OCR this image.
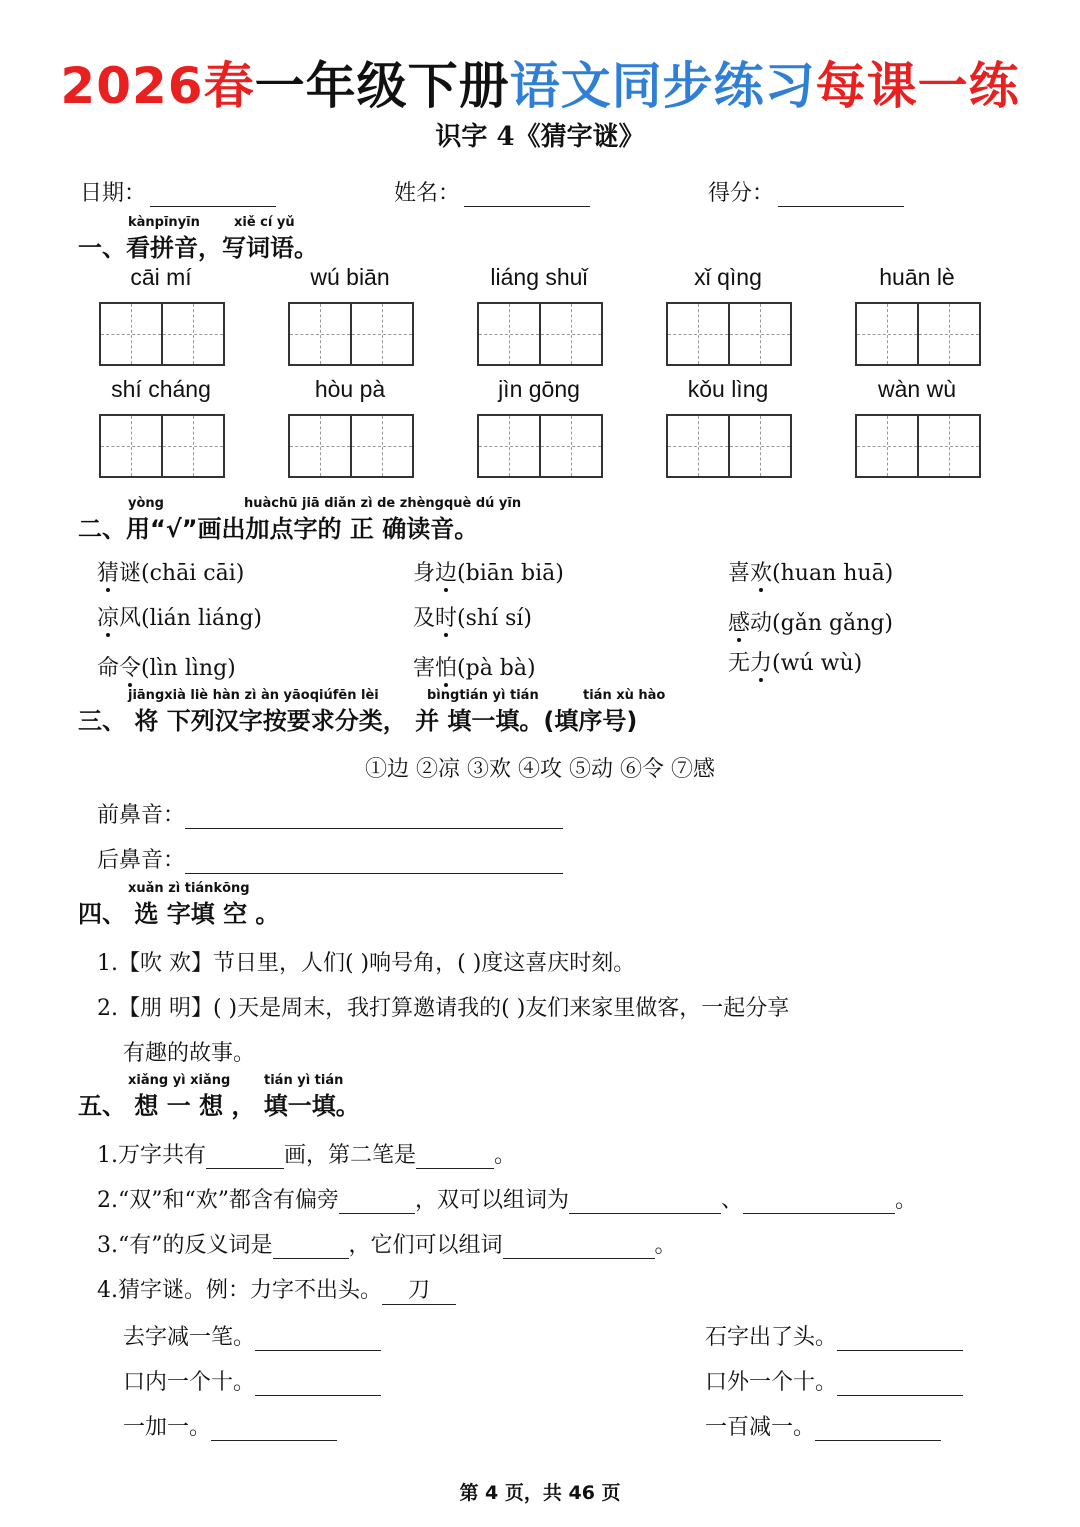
2026春一年级下册语文同步练习每课一练
识字 4《猜字谜》
日期：	姓名：	得分：
kànpīnyīn	xiě cí yǔ
一、看拼音，写词语。
cāi mí	wú biān	liáng shuǐ	xǐ qìng	huān lè
shí cháng	hòu pà	jìn gōng	kǒu lìng	wàn wù
yòng	huàchū jiā diǎn zì de zhèngquè dú yīn
二、用“√”画出加点字的 正 确读音。
猜谜(chāi cāi)	身边(biān biā)	喜欢(huan huā)
凉风(lián liáng)	及时(shí sí)	感动(gǎn gǎng)
命令(lìn lìng)	害怕(pà bà)	无力(wú wù)
jiāngxià liè hàn zì àn yāoqiúfēn lèi	bìngtián yì tián	tián xù hào
三、 将 下列汉字按要求分类， 并 填一填。(填序号)
①边 ②凉 ③欢 ④攻 ⑤动 ⑥令 ⑦感
前鼻音：
后鼻音：
xuǎn zì tiánkōng
四、 选 字填 空 。
1.【吹 欢】节日里，人们( )响号角，( )度这喜庆时刻。
2.【朋 明】( )天是周末，我打算邀请我的( )友们来家里做客，一起分享
有趣的故事。
xiǎng yì xiǎng	tián yì tián
五、 想 一 想 ， 填一填。
1.万字共有	画，第二笔是	。
2.“双”和“欢”都含有偏旁	，双可以组词为	、	。
3.“有”的反义词是	，它们可以组词	。
4.猜字谜。例：力字不出头。 刀
去字减一笔。	石字出了头。
口内一个十。	口外一个十。
一加一。	一百减一。
第 4 页，共 46 页
